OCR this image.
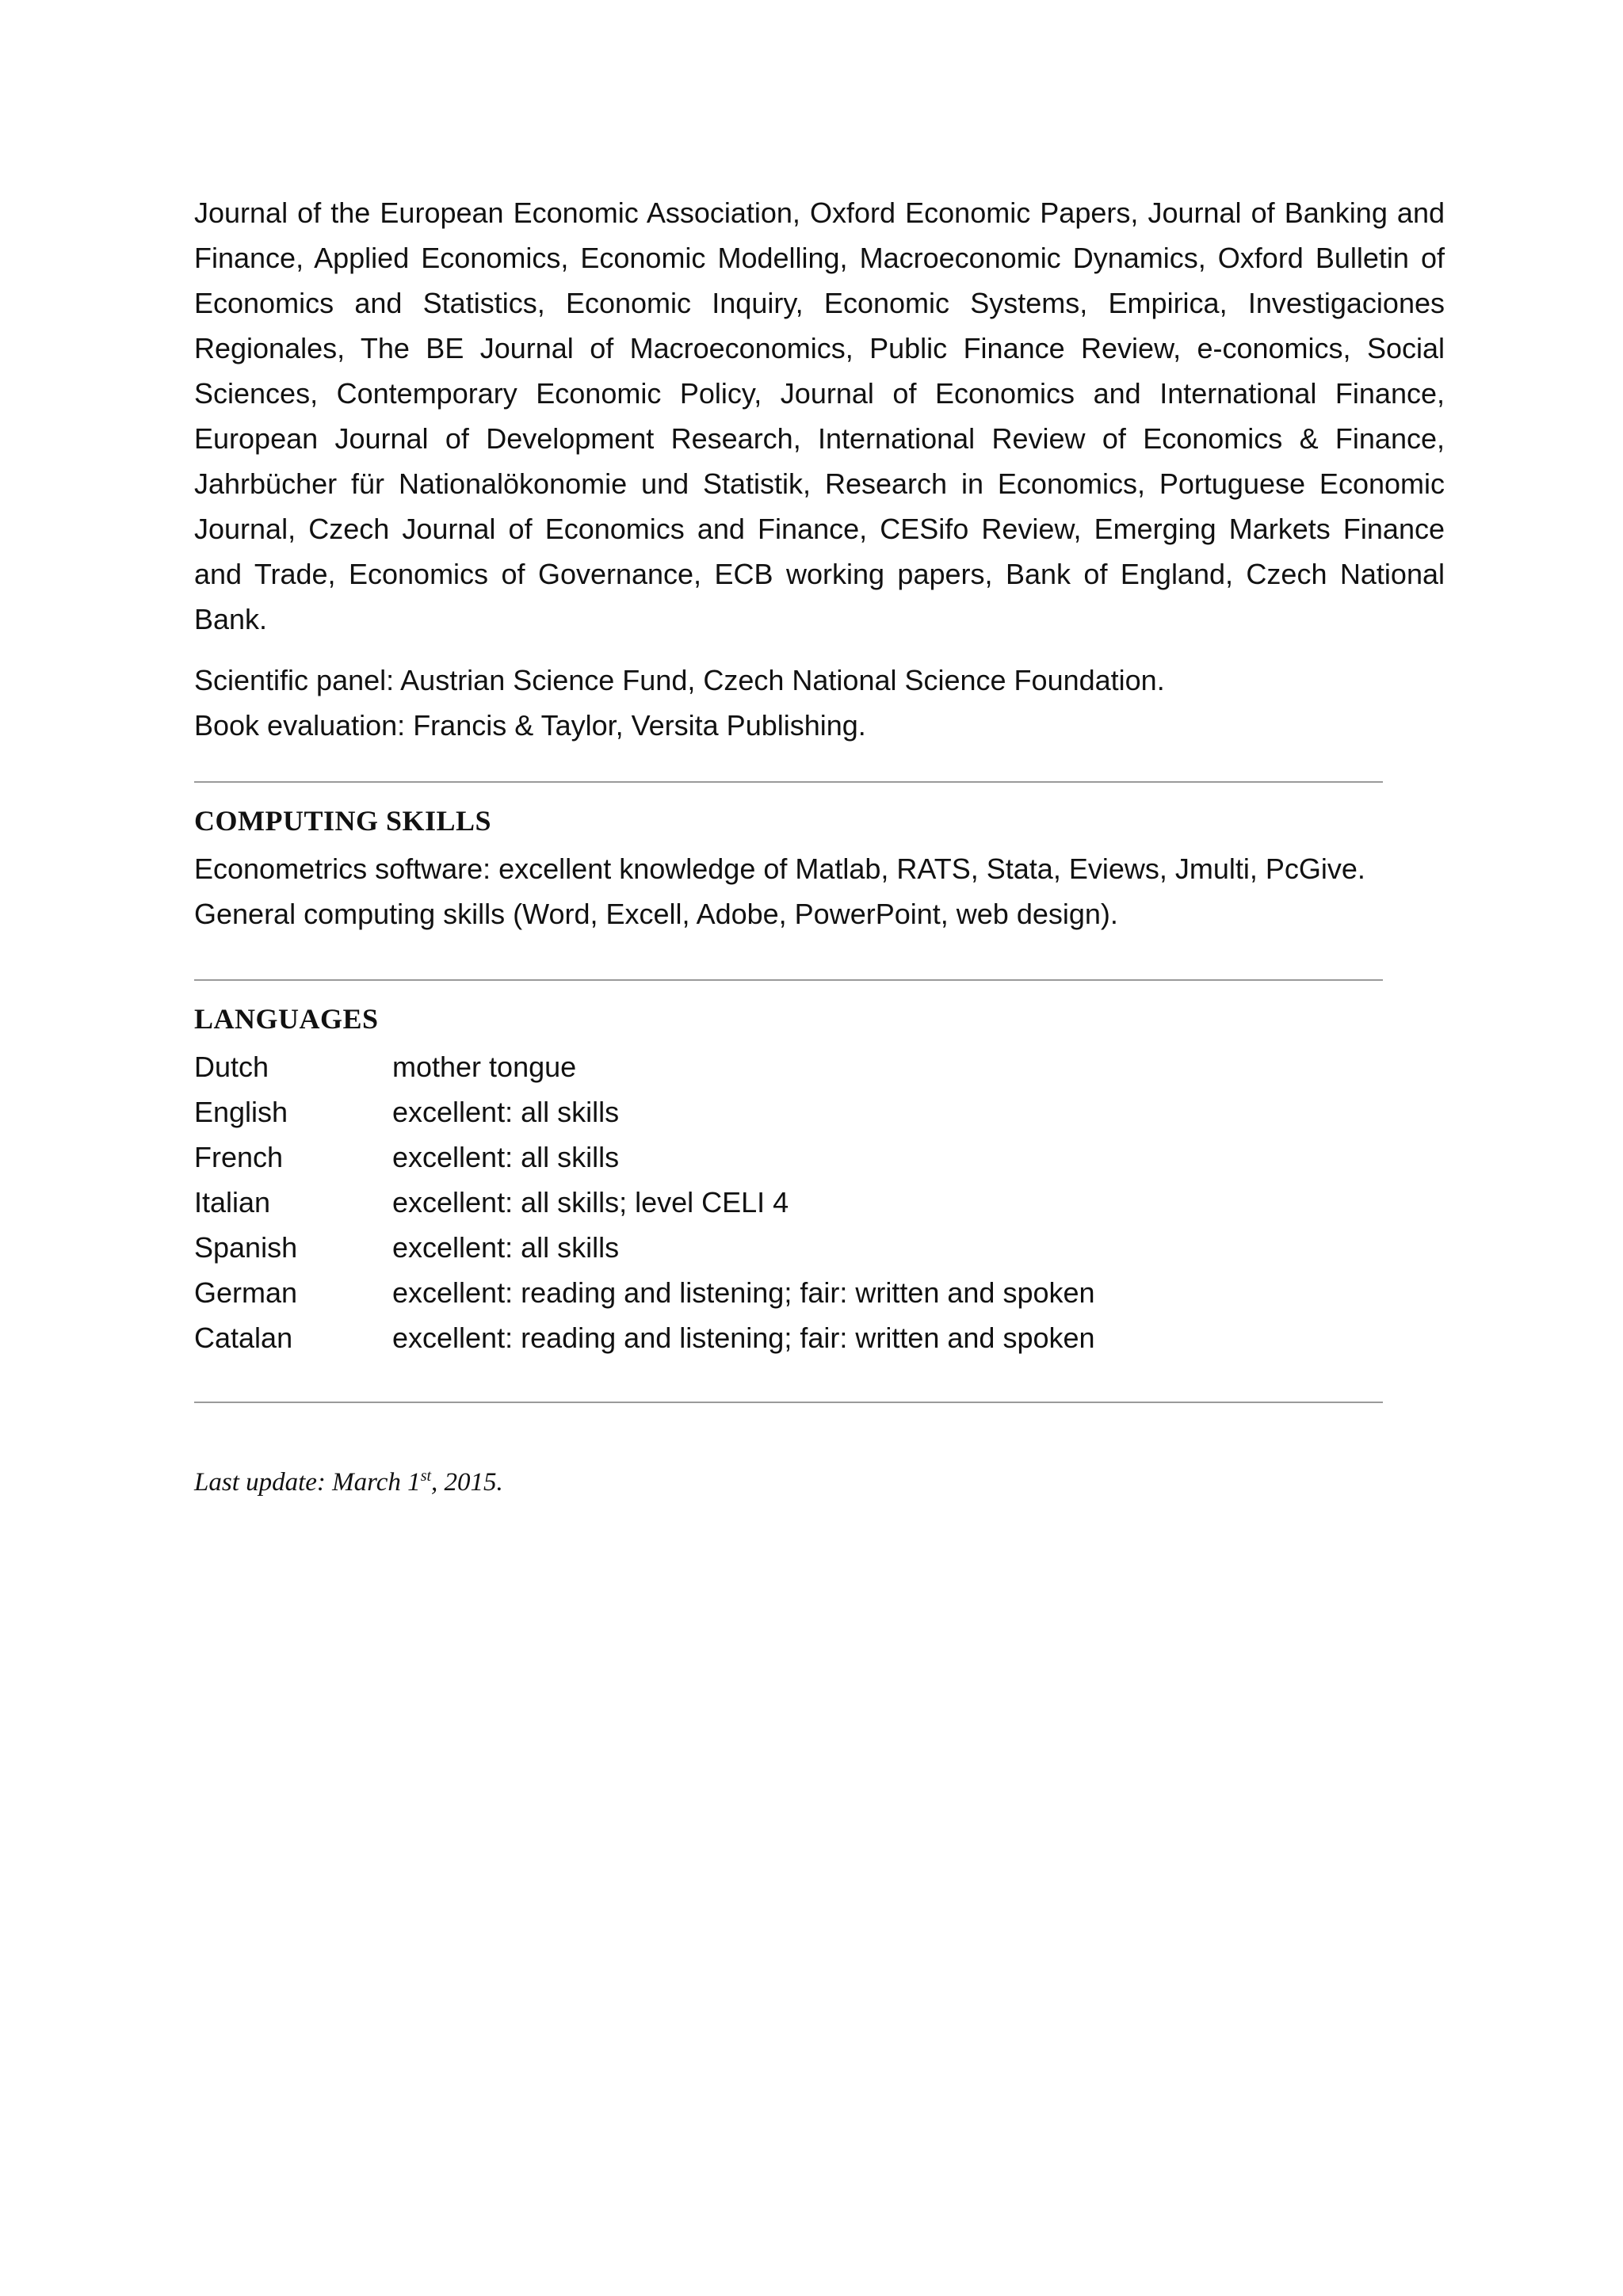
Journal of the European Economic Association, Oxford Economic Papers, Journal of Banking and Finance, Applied Economics, Economic Modelling, Macroeconomic Dynamics, Oxford Bulletin of Economics and Statistics, Economic Inquiry, Economic Systems, Empirica, Investigaciones Regionales, The BE Journal of Macroeconomics, Public Finance Review, e-conomics, Social Sciences, Contemporary Economic Policy, Journal of Economics and International Finance, European Journal of Development Research, International Review of Economics & Finance, Jahrbücher für Nationalökonomie und Statistik, Research in Economics, Portuguese Economic Journal, Czech Journal of Economics and Finance, CESifo Review, Emerging Markets Finance and Trade, Economics of Governance, ECB working papers, Bank of England, Czech National Bank.

Scientific panel: Austrian Science Fund, Czech National Science Foundation.

Book evaluation: Francis & Taylor, Versita Publishing.

COMPUTING SKILLS

Econometrics software: excellent knowledge of Matlab, RATS, Stata, Eviews, Jmulti, PcGive.

General computing skills (Word, Excell, Adobe, PowerPoint, web design).

LANGUAGES
Dutch	mother tongue
English	excellent: all skills
French	excellent: all skills
Italian	excellent: all skills; level CELI 4
Spanish	excellent: all skills
German	excellent: reading and listening; fair: written and spoken
Catalan	excellent: reading and listening; fair: written and spoken

Last update: March 1st, 2015.
